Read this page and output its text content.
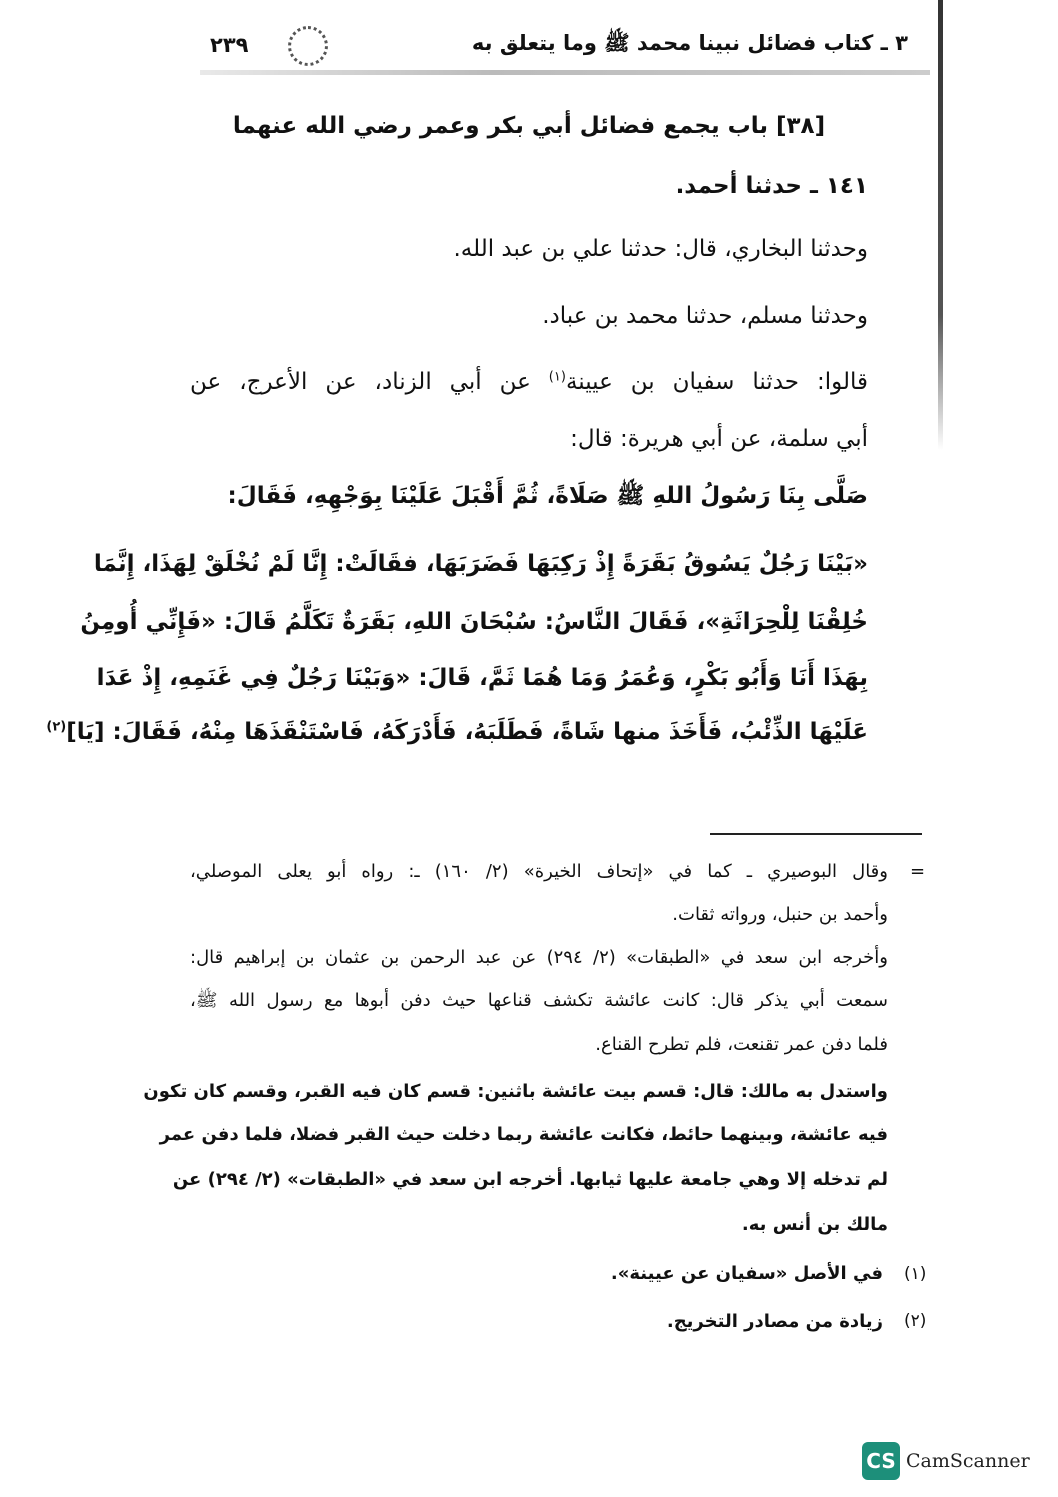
٣ ـ كتاب فضائل نبينا محمد ﷺ وما يتعلق به
٢٣٩
[٣٨] باب يجمع فضائل أبي بكر وعمر رضي الله عنهما
١٤١ ـ حدثنا أحمد.
وحدثنا البخاري، قال: حدثنا علي بن عبد الله.
وحدثنا مسلم، حدثنا محمد بن عباد.
قالوا: حدثنا سفيان بن عيينة$^{(١)}$ عن أبي الزناد، عن الأعرج، عن
أبي سلمة، عن أبي هريرة: قال:
صَلَّى بِنَا رَسُولُ اللهِ ﷺ صَلَاةً، ثُمَّ أَقْبَلَ عَلَيْنَا بِوَجْهِهِ، فَقَالَ:
«بَيْنَا رَجُلٌ يَسُوقُ بَقَرَةً إِذْ رَكِبَهَا فَضَرَبَهَا، فقَالَتْ: إِنَّا لَمْ نُخْلَقْ لِهَذَا، إِنَّمَا
خُلِقْنَا لِلْحِرَاثَةِ»، فَقَالَ النَّاسُ: سُبْحَانَ اللهِ، بَقَرَةٌ تَكَلَّمُ قَالَ: «فَإِنِّي أُومِنُ
بِهَذَا أَنَا وَأَبُو بَكْرٍ، وَعُمَرُ وَمَا هُمَا ثَمَّ، قَالَ: «وَبَيْنَا رَجُلٌ فِي غَنَمِهِ، إِذْ عَدَا
عَلَيْهَا الذِّئْبُ، فَأَخَذَ منها شَاةً، فَطَلَبَهُ، فَأَدْرَكَهُ، فَاسْتَنْقَذَهَا مِنْهُ، فَقَالَ: [يَا]$^{(٢)}$
=
وقال البوصيري ـ كما في «إتحاف الخيرة» (٢/ ١٦٠) ـ: رواه أبو يعلى الموصلي،
وأحمد بن حنبل، ورواته ثقات.
وأخرجه ابن سعد في «الطبقات» (٢/ ٢٩٤) عن عبد الرحمن بن عثمان بن إبراهيم قال:
سمعت أبي يذكر قال: كانت عائشة تكشف قناعها حيث دفن أبوها مع رسول الله ﷺ،
فلما دفن عمر تقنعت، فلم تطرح القناع.
واستدل به مالك: قال: قسم بيت عائشة باثنين: قسم كان فيه القبر، وقسم كان تكون
فيه عائشة، وبينهما حائط، فكانت عائشة ربما دخلت حيث القبر فضلا، فلما دفن عمر
لم تدخله إلا وهي جامعة عليها ثيابها. أخرجه ابن سعد في «الطبقات» (٢/ ٢٩٤) عن
مالك بن أنس به.
(١)
في الأصل «سفيان عن عيينة».
(٢)
زيادة من مصادر التخريج.
CS CamScanner
